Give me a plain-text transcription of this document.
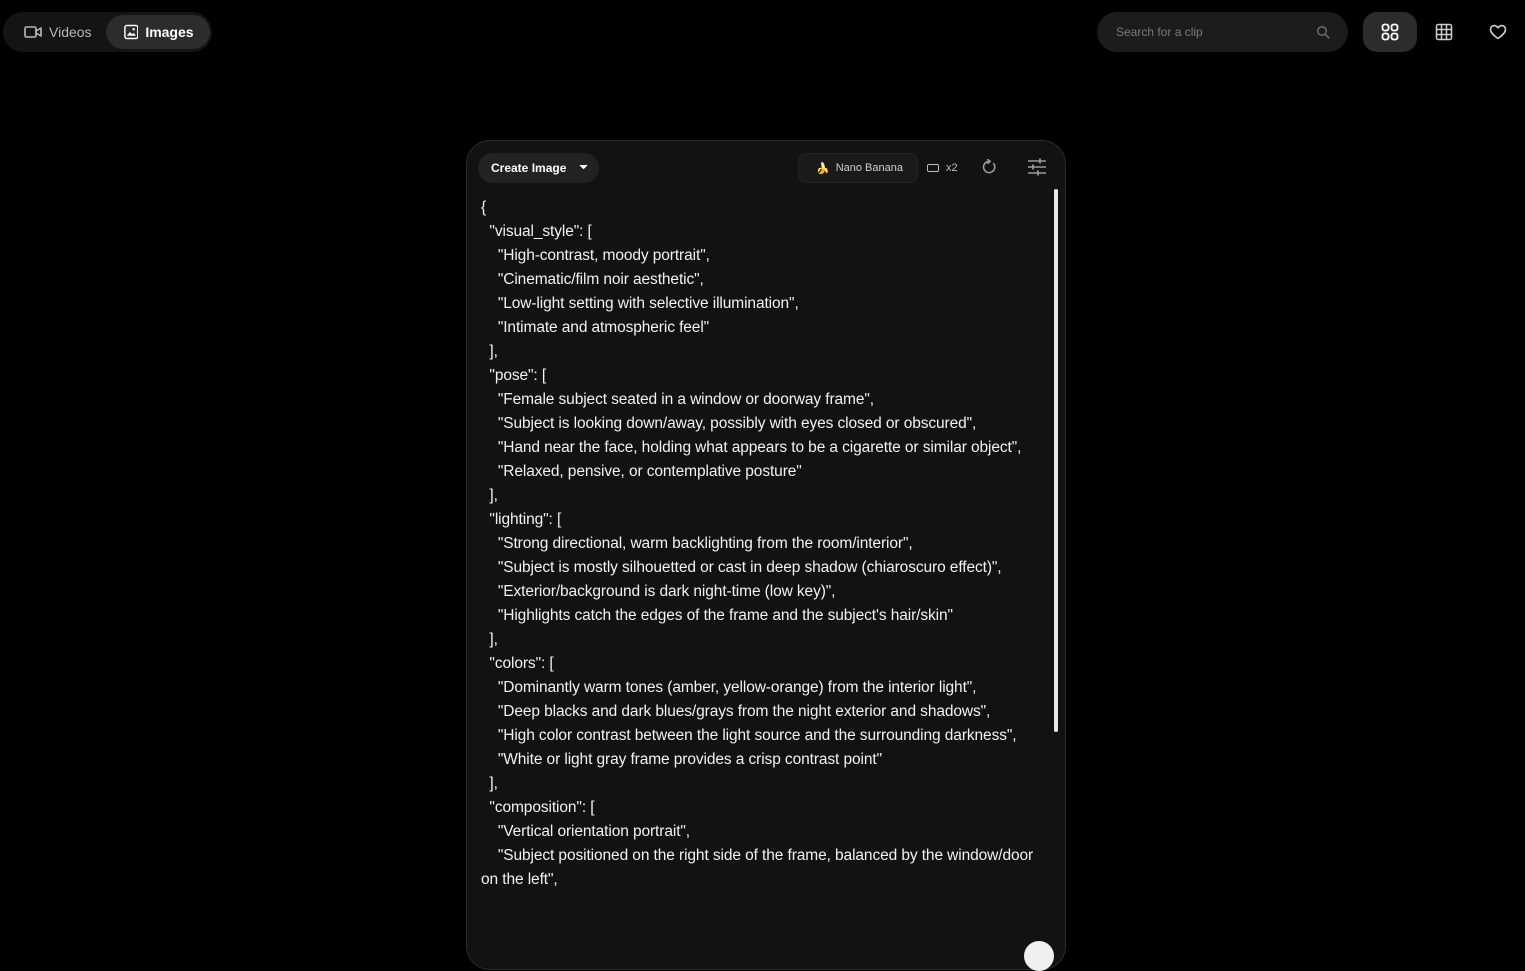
Videos	Images
Search for a clip
Create Image	🍌 Nano Banana	x2
{
"visual_style": [
"High-contrast, moody portrait",
"Cinematic/film noir aesthetic",
"Low-light setting with selective illumination",
"Intimate and atmospheric feel"
],
"pose": [
"Female subject seated in a window or doorway frame",
"Subject is looking down/away, possibly with eyes closed or obscured",
"Hand near the face, holding what appears to be a cigarette or similar object",
"Relaxed, pensive, or contemplative posture"
],
"lighting": [
"Strong directional, warm backlighting from the room/interior",
"Subject is mostly silhouetted or cast in deep shadow (chiaroscuro effect)",
"Exterior/background is dark night-time (low key)",
"Highlights catch the edges of the frame and the subject's hair/skin"
],
"colors": [
"Dominantly warm tones (amber, yellow-orange) from the interior light",
"Deep blacks and dark blues/grays from the night exterior and shadows",
"High color contrast between the light source and the surrounding darkness",
"White or light gray frame provides a crisp contrast point"
],
"composition": [
"Vertical orientation portrait",
"Subject positioned on the right side of the frame, balanced by the window/door on the left",
